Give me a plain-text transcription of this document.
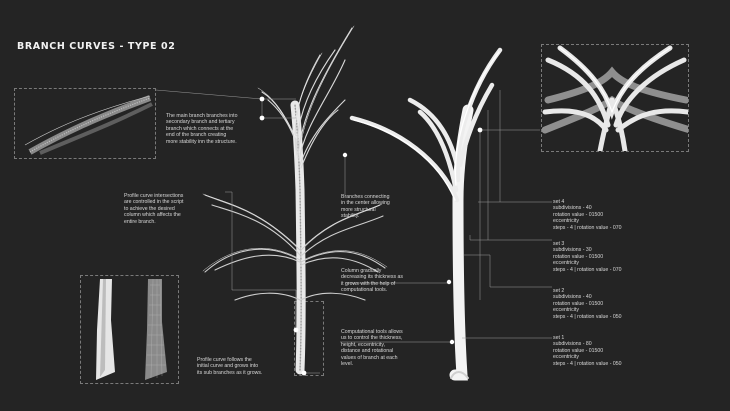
BRANCH CURVES - TYPE 02
The main branch branches into
secondary branch and tertiary
branch which connects at the
end of the branch creating
more stability inn the structure.
Profile curve intersections
are controlled in the script
to achieve the desired
column which affects the
entire branch.
Branches connecting
in the center allowing
more structural
stability.
Column gradually
decreasing its thickness as
it grows with the help of
computational tools.
Computational tools allows
us to control the thickness,
height, eccentricity,
distance and rotational
values of branch at each
level.
Profile curve follows the
initial curve and grows into
its sub branches as it grows.
set 4
subdivisions - 40
rotation value - 01500
eccentricity
steps - 4 | rotation value - 070
set 3
subdivisions - 30
rotation value - 01500
eccentricity
steps - 4 | rotation value - 070
set 2
subdivisions - 40
rotation value - 01500
eccentricity
steps - 4 | rotation value - 050
set 1
subdivisions - 80
rotation value - 01500
eccentricity
steps - 4 | rotation value - 050
